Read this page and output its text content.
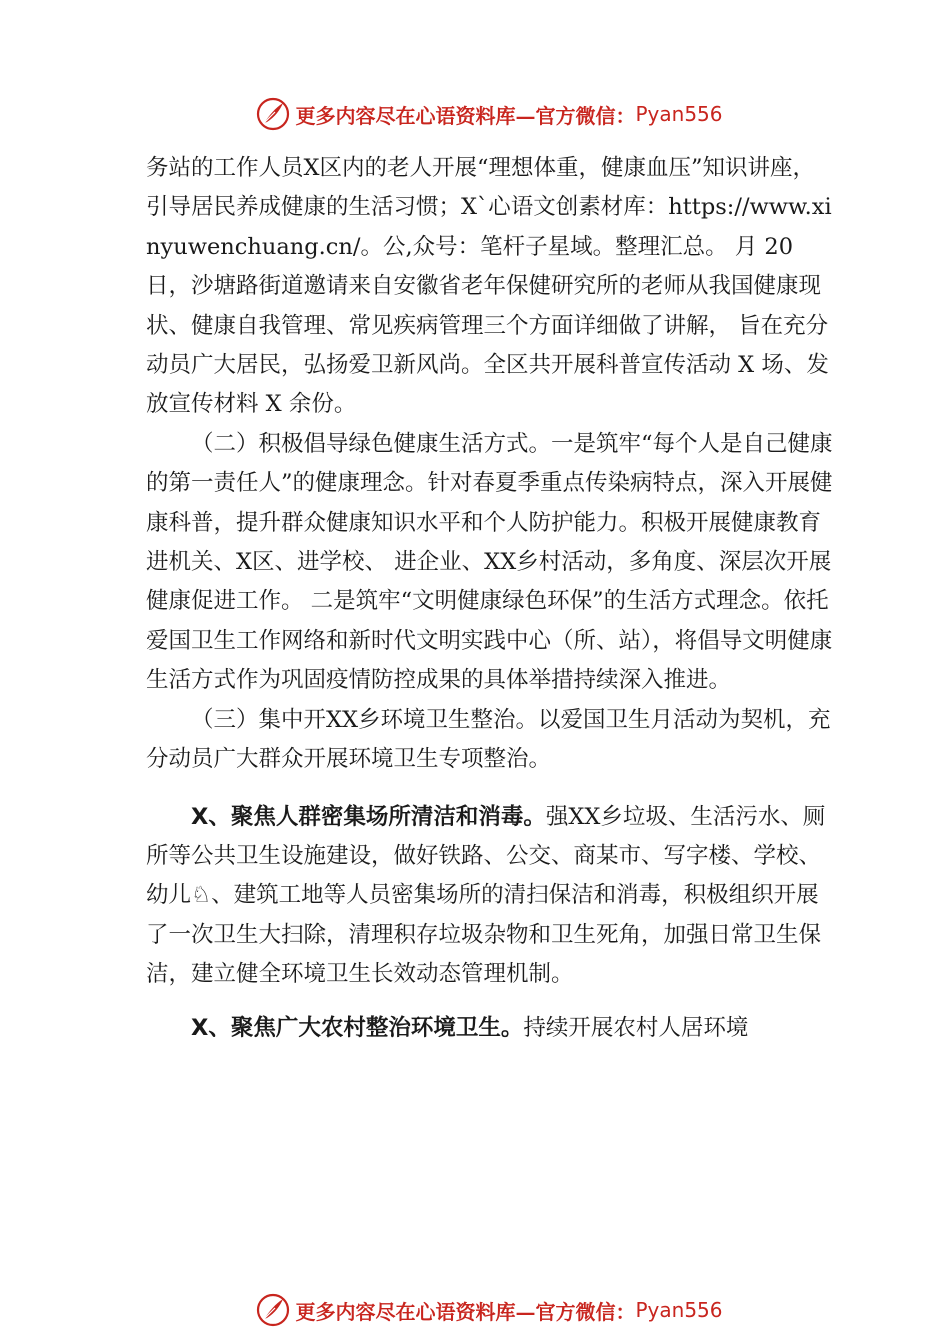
更多内容尽在心语资料库—官方微信： Pyan556

务站的工作人员X区内的老人开展“理想体重，健康血压”知识讲座，引导居民养成健康的生活习惯；X`心语文创素材库：https://www.xinyuwenchuang.cn/。公,众号：笔杆子星域。整理汇总。 月 20 日，沙塘路街道邀请来自安徽省老年保健研究所的老师从我国健康现状、健康自我管理、常见疾病管理三个方面详细做了讲解， 旨在充分动员广大居民，弘扬爱卫新风尚。全区共开展科普宣传活动 X 场、发放宣传材料 X 余份。

（二）积极倡导绿色健康生活方式。一是筑牢“每个人是自己健康的第一责任人”的健康理念。针对春夏季重点传染病特点，深入开展健康科普，提升群众健康知识水平和个人防护能力。积极开展健康教育进机关、X区、进学校、 进企业、XX乡村活动，多角度、深层次开展健康促进工作。 二是筑牢“文明健康绿色环保”的生活方式理念。依托爱国卫生工作网络和新时代文明实践中心（所、站），将倡导文明健康生活方式作为巩固疫情防控成果的具体举措持续深入推进。

（三）集中开XX乡环境卫生整治。以爱国卫生月活动为契机，充分动员广大群众开展环境卫生专项整治。

X、聚焦人群密集场所清洁和消毒。强XX乡垃圾、生活污水、厕所等公共卫生设施建设，做好铁路、公交、商某市、写字楼、学校、幼儿♘、建筑工地等人员密集场所的清扫保洁和消毒，积极组织开展了一次卫生大扫除，清理积存垃圾杂物和卫生死角，加强日常卫生保洁，建立健全环境卫生长效动态管理机制。

X、聚焦广大农村整治环境卫生。持续开展农村人居环境

更多内容尽在心语资料库—官方微信： Pyan556
